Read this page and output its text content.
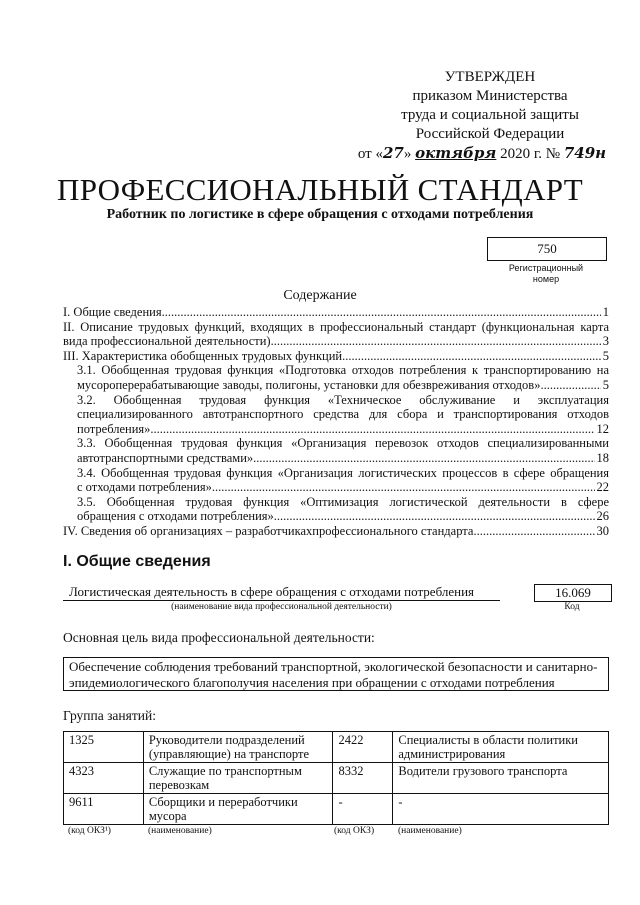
УТВЕРЖДЕН
приказом Министерства
труда и социальной защиты
Российской Федерации
от «27» октября 2020 г. № 749н
ПРОФЕССИОНАЛЬНЫЙ СТАНДАРТ
Работник по логистике в сфере обращения с отходами потребления
750
Регистрационный
номер
Содержание
I. Общие сведения .....	1
II. Описание трудовых функций, входящих в профессиональный стандарт (функциональная карта
вида профессиональной деятельности) .....	3
III. Характеристика обобщенных трудовых функций .....	5
3.1. Обобщенная трудовая функция «Подготовка отходов потребления к транспортированию на
мусороперерабатывающие заводы, полигоны, установки для обезвреживания отходов» .....	5
3.2. Обобщенная трудовая функция «Техническое обслуживание и эксплуатация
специализированного автотранспортного средства для сбора и транспортирования отходов
потребления» .....	12
3.3. Обобщенная трудовая функция «Организация перевозок отходов специализированными
автотранспортными средствами» .....	18
3.4. Обобщенная трудовая функция «Организация логистических процессов в сфере обращения
с отходами потребления» .....	22
3.5. Обобщенная трудовая функция «Оптимизация логистической деятельности в сфере
обращения с отходами потребления» .....	26
IV. Сведения об организациях – разработчикахпрофессионального стандарта .....	30
I. Общие сведения
Логистическая деятельность в сфере обращения с отходами потребления
(наименование вида профессиональной деятельности)
16.069
Код
Основная цель вида профессиональной деятельности:
Обеспечение соблюдения требований транспортной, экологической безопасности и санитарно-эпидемиологического благополучия населения при обращении с отходами потребления
Группа занятий:
1325	Руководители подразделений (управляющие) на транспорте	2422	Специалисты в области политики администрирования
4323	Служащие по транспортным перевозкам	8332	Водители грузового транспорта
9611	Сборщики и переработчики мусора	-	-
(код ОКЗ¹)	(наименование)	(код ОКЗ)	(наименование)
